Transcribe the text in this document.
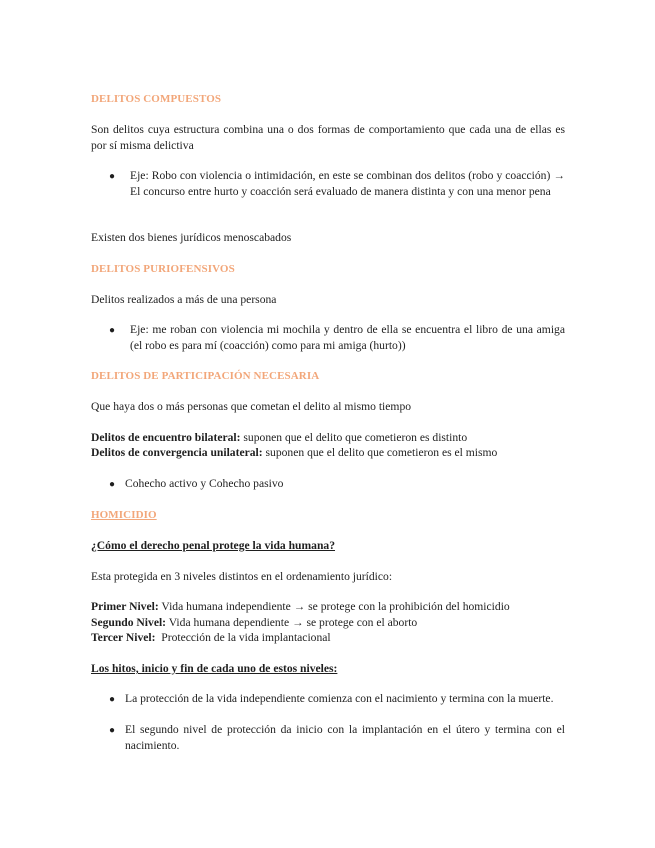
DELITOS COMPUESTOS

Son delitos cuya estructura combina una o dos formas de comportamiento que cada una de ellas es por sí misma delictiva

● Eje: Robo con violencia o intimidación, en este se combinan dos delitos (robo y coacción) → El concurso entre hurto y coacción será evaluado de manera distinta y con una menor pena

Existen dos bienes jurídicos menoscabados

DELITOS PURIOFENSIVOS

Delitos realizados a más de una persona

● Eje: me roban con violencia mi mochila y dentro de ella se encuentra el libro de una amiga (el robo es para mí (coacción) como para mi amiga (hurto))

DELITOS DE PARTICIPACIÓN NECESARIA

Que haya dos o más personas que cometan el delito al mismo tiempo

Delitos de encuentro bilateral: suponen que el delito que cometieron es distinto

Delitos de convergencia unilateral: suponen que el delito que cometieron es el mismo

● Cohecho activo y Cohecho pasivo

HOMICIDIO

¿Cómo el derecho penal protege la vida humana?

Esta protegida en 3 niveles distintos en el ordenamiento jurídico:

Primer Nivel: Vida humana independiente → se protege con la prohibición del homicidio

Segundo Nivel: Vida humana dependiente → se protege con el aborto

Tercer Nivel:  Protección de la vida implantacional

Los hitos, inicio y fin de cada uno de estos niveles:

● La protección de la vida independiente comienza con el nacimiento y termina con la muerte.

● El segundo nivel de protección da inicio con la implantación en el útero y termina con el nacimiento.
